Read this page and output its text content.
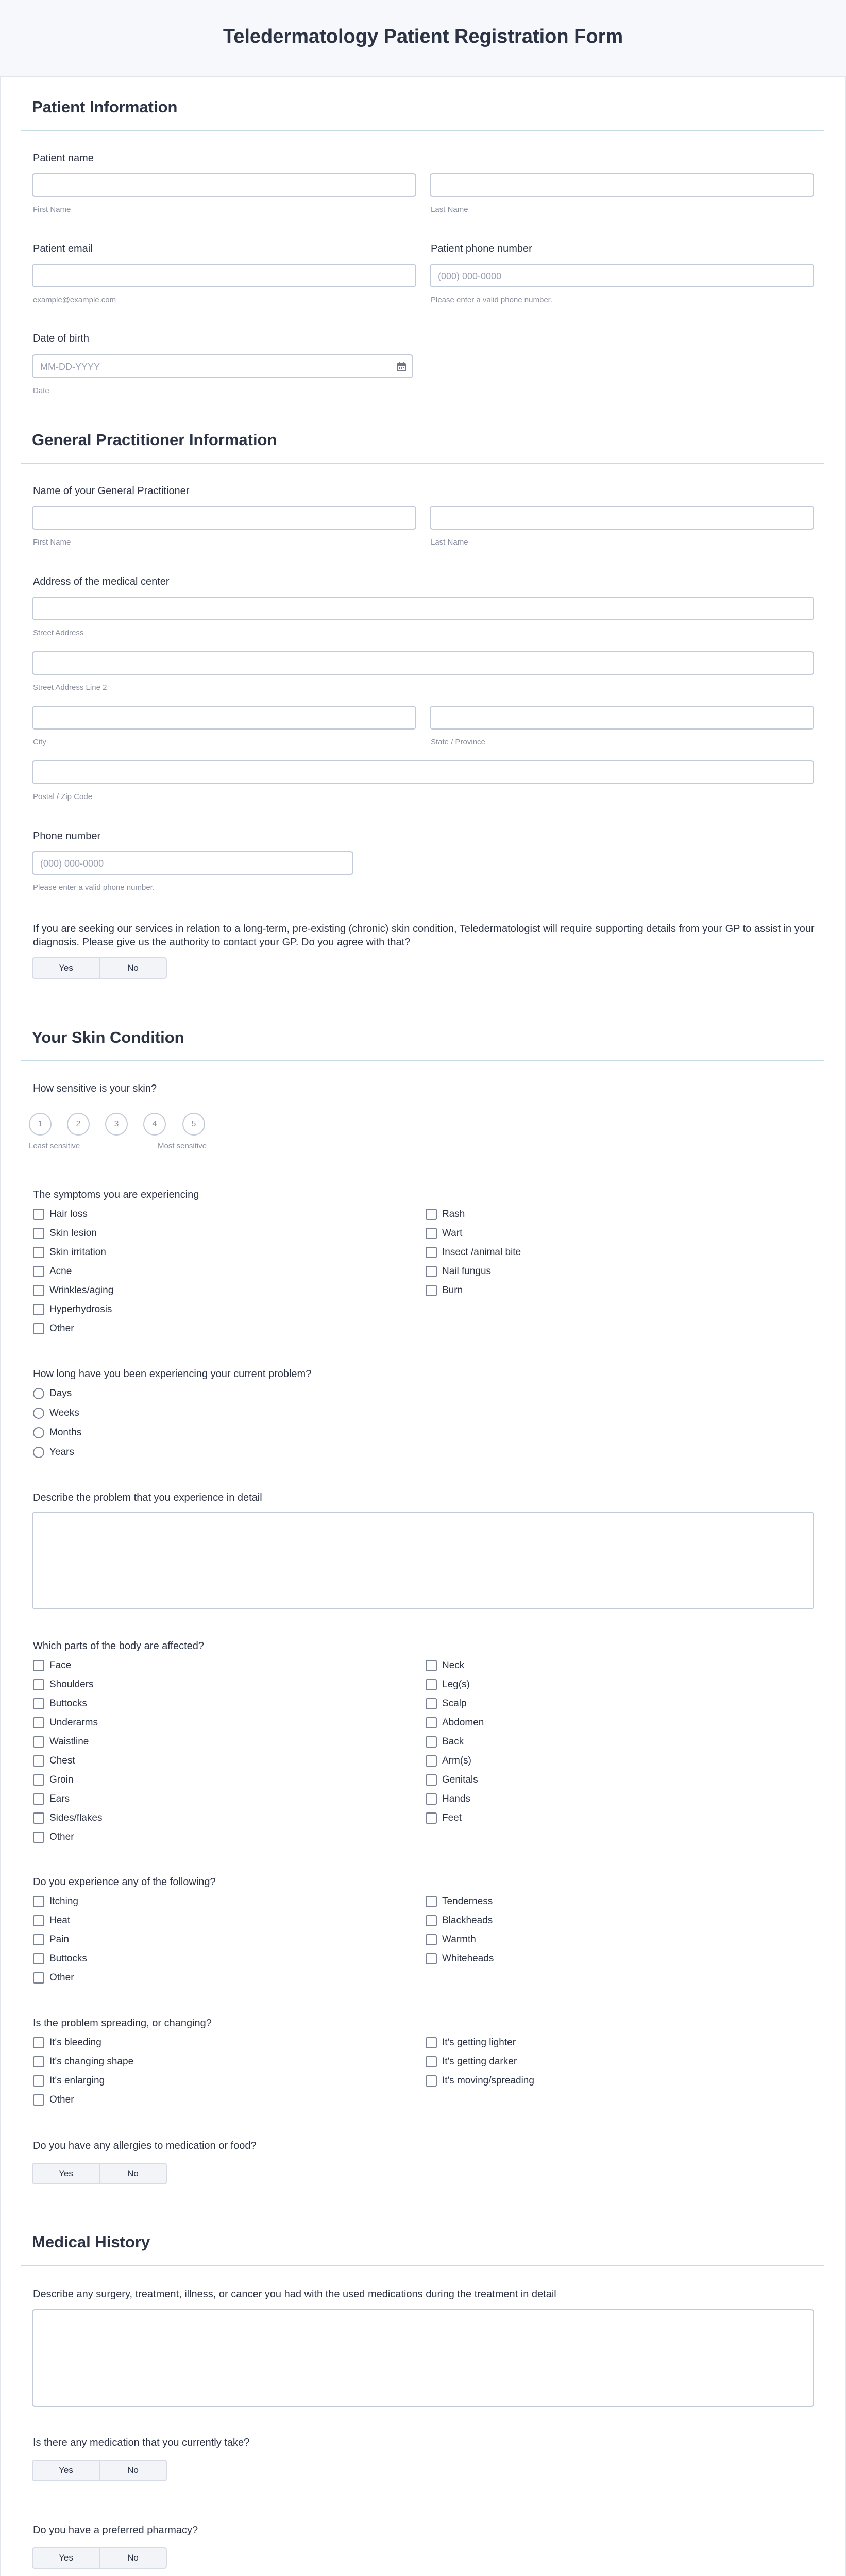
Teledermatology Patient Registration Form
Patient Information
Patient name
First Name	Last Name
Patient email
example@example.com
Patient phone number
(000) 000-0000
Please enter a valid phone number.
Date of birth
MM-DD-YYYY
Date
General Practitioner Information
Name of your General Practitioner
First Name	Last Name
Address of the medical center
Street Address
Street Address Line 2
City	State / Province
Postal / Zip Code
Phone number
(000) 000-0000
Please enter a valid phone number.
If you are seeking our services in relation to a long-term, pre-existing (chronic) skin condition, Teledermatologist will require supporting details from your GP to assist in your diagnosis. Please give us the authority to contact your GP. Do you agree with that?
Yes	No
Your Skin Condition
How sensitive is your skin?
1	2	3	4	5
Least sensitive	Most sensitive
The symptoms you are experiencing
Hair loss
Skin lesion
Skin irritation
Acne
Wrinkles/aging
Hyperhydrosis
Other
Rash
Wart
Insect /animal bite
Nail fungus
Burn
How long have you been experiencing your current problem?
Days
Weeks
Months
Years
Describe the problem that you experience in detail
Which parts of the body are affected?
Face
Shoulders
Buttocks
Underarms
Waistline
Chest
Groin
Ears
Sides/flakes
Other
Neck
Leg(s)
Scalp
Abdomen
Back
Arm(s)
Genitals
Hands
Feet
Do you experience any of the following?
Itching
Heat
Pain
Buttocks
Other
Tenderness
Blackheads
Warmth
Whiteheads
Is the problem spreading, or changing?
It's bleeding
It's changing shape
It's enlarging
Other
It's getting lighter
It's getting darker
It's moving/spreading
Do you have any allergies to medication or food?
Yes	No
Medical History
Describe any surgery, treatment, illness, or cancer you had with the used medications during the treatment in detail
Is there any medication that you currently take?
Yes	No
Do you have a preferred pharmacy?
Yes	No
